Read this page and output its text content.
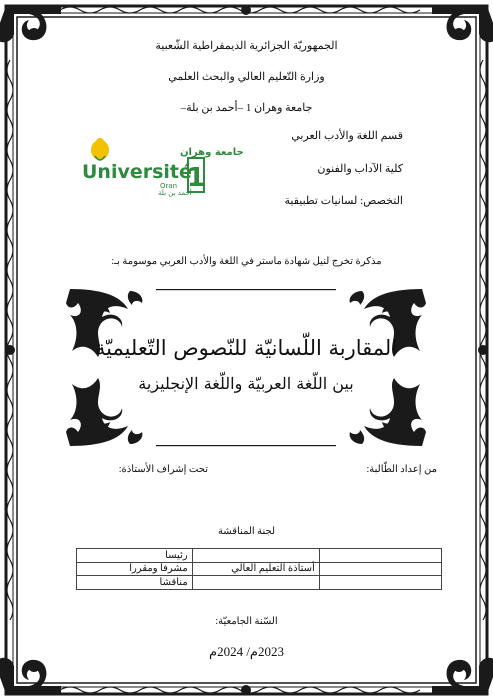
الجمهوريّة الجزائرية الديمقراطية الشّعبية
وزارة التّعليم العالي والبحث العلمي
جامعة وهران 1 –أحمد بن بلة–
جامعة وهران
Université
Oran
أحمد بن بلة
1
قسم اللغة والأدب العربي
كلية الآداب والفنون
التخصص: لسانيات تطبيقية
مذكرة تخرج لنيل شهادة ماستر في اللغة والأدب العربي موسومة بـ:
المقاربة اللّسانيّة للنّصوص التّعليميّة
بين اللّغة العربيّة واللّغة الإنجليزية
من إعداد الطّالبة:
تحت إشراف الأستاذة:
لجنة المناقشة
		رئيسا
	أستاذة التعليم العالي	مشرفا ومقررا
		مناقشا
السّنة الجامعيّة:
2023م/ 2024م
